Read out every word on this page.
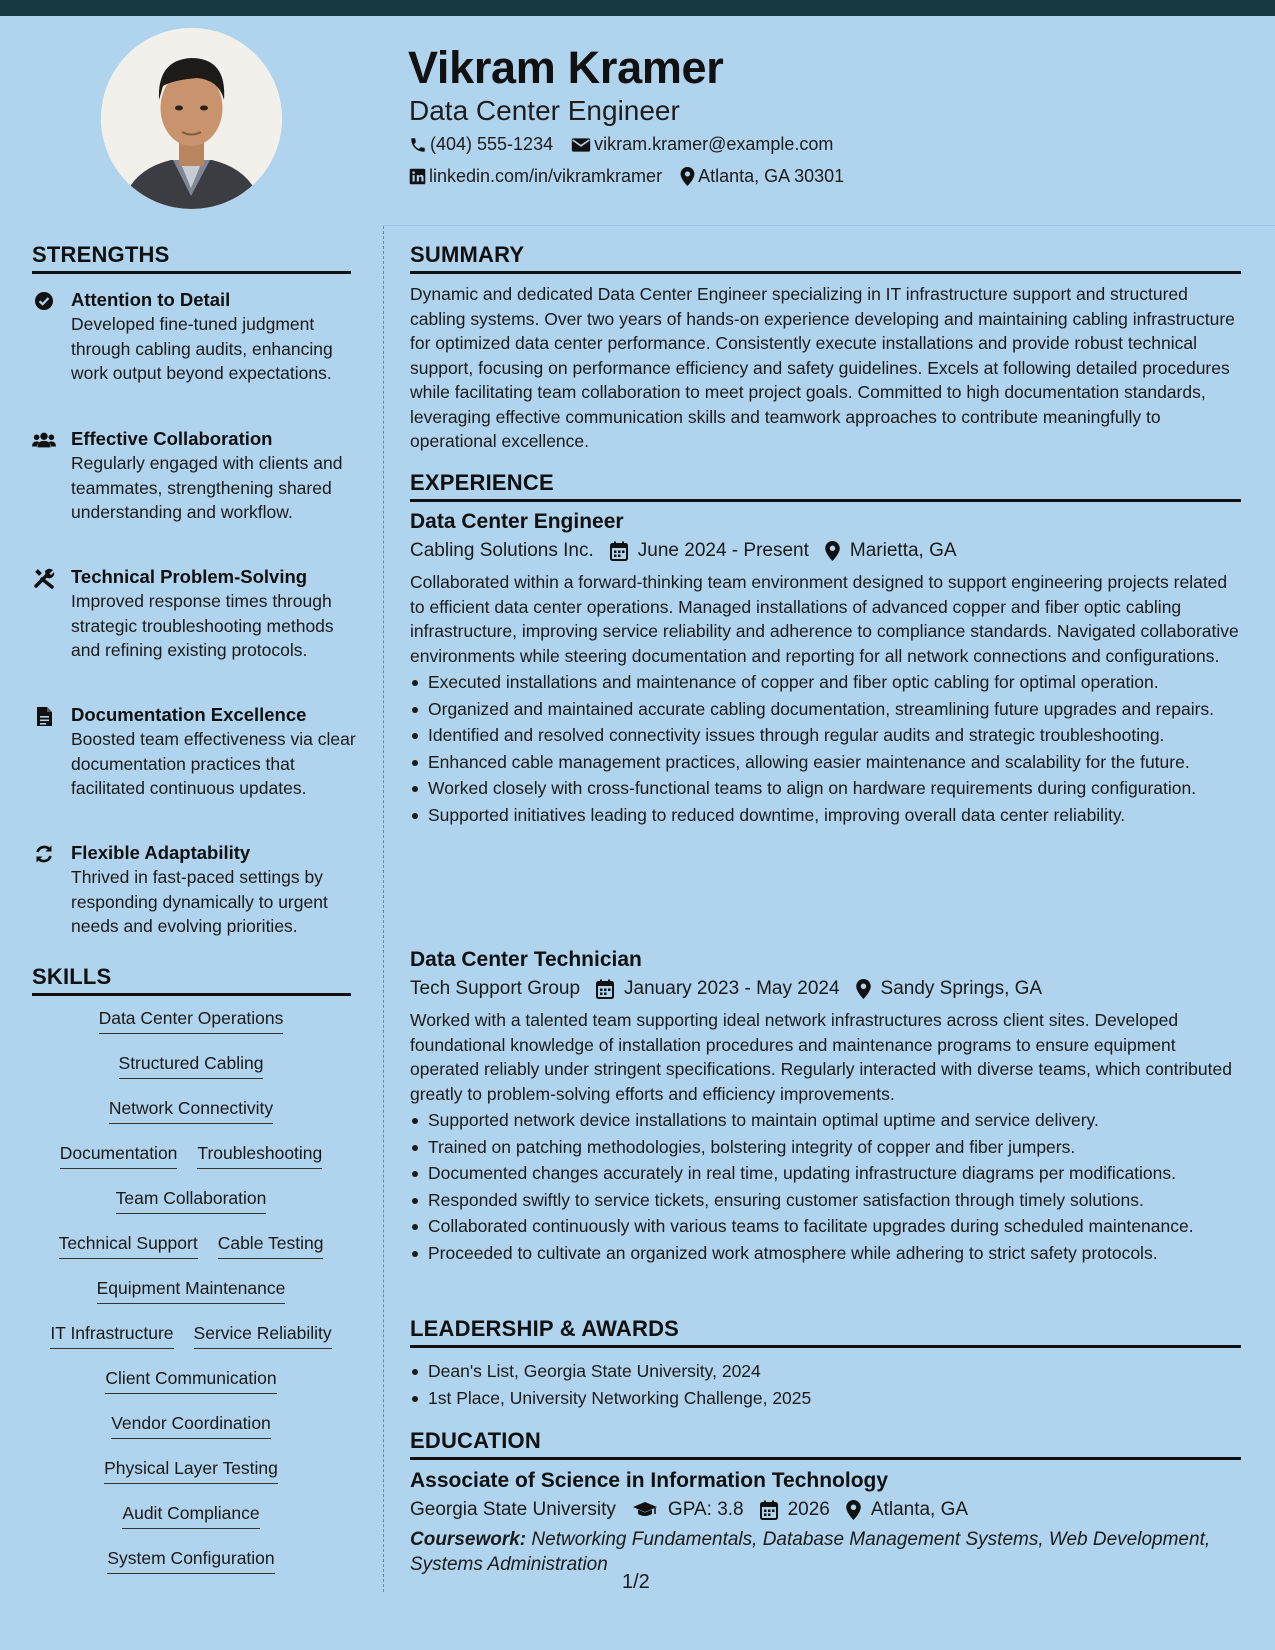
Vikram Kramer
Data Center Engineer
(404) 555-1234 vikram.kramer@example.com
linkedin.com/in/vikramkramer Atlanta, GA 30301
STRENGTHS
Attention to Detail
Developed fine-tuned judgment through cabling audits, enhancing work output beyond expectations.
Effective Collaboration
Regularly engaged with clients and teammates, strengthening shared understanding and workflow.
Technical Problem-Solving
Improved response times through strategic troubleshooting methods and refining existing protocols.
Documentation Excellence
Boosted team effectiveness via clear documentation practices that facilitated continuous updates.
Flexible Adaptability
Thrived in fast-paced settings by responding dynamically to urgent needs and evolving priorities.
SKILLS
Data Center Operations
Structured Cabling
Network Connectivity
Documentation Troubleshooting
Team Collaboration
Technical Support Cable Testing
Equipment Maintenance
IT Infrastructure Service Reliability
Client Communication
Vendor Coordination
Physical Layer Testing
Audit Compliance
System Configuration
SUMMARY
Dynamic and dedicated Data Center Engineer specializing in IT infrastructure support and structured cabling systems. Over two years of hands-on experience developing and maintaining cabling infrastructure for optimized data center performance. Consistently execute installations and provide robust technical support, focusing on performance efficiency and safety guidelines. Excels at following detailed procedures while facilitating team collaboration to meet project goals. Committed to high documentation standards, leveraging effective communication skills and teamwork approaches to contribute meaningfully to operational excellence.
EXPERIENCE
Data Center Engineer
Cabling Solutions Inc. June 2024 - Present Marietta, GA
Collaborated within a forward-thinking team environment designed to support engineering projects related to efficient data center operations. Managed installations of advanced copper and fiber optic cabling infrastructure, improving service reliability and adherence to compliance standards. Navigated collaborative environments while steering documentation and reporting for all network connections and configurations.
Executed installations and maintenance of copper and fiber optic cabling for optimal operation.
Organized and maintained accurate cabling documentation, streamlining future upgrades and repairs.
Identified and resolved connectivity issues through regular audits and strategic troubleshooting.
Enhanced cable management practices, allowing easier maintenance and scalability for the future.
Worked closely with cross-functional teams to align on hardware requirements during configuration.
Supported initiatives leading to reduced downtime, improving overall data center reliability.
Data Center Technician
Tech Support Group January 2023 - May 2024 Sandy Springs, GA
Worked with a talented team supporting ideal network infrastructures across client sites. Developed foundational knowledge of installation procedures and maintenance programs to ensure equipment operated reliably under stringent specifications. Regularly interacted with diverse teams, which contributed greatly to problem-solving efforts and efficiency improvements.
Supported network device installations to maintain optimal uptime and service delivery.
Trained on patching methodologies, bolstering integrity of copper and fiber jumpers.
Documented changes accurately in real time, updating infrastructure diagrams per modifications.
Responded swiftly to service tickets, ensuring customer satisfaction through timely solutions.
Collaborated continuously with various teams to facilitate upgrades during scheduled maintenance.
Proceeded to cultivate an organized work atmosphere while adhering to strict safety protocols.
LEADERSHIP & AWARDS
Dean's List, Georgia State University, 2024
1st Place, University Networking Challenge, 2025
EDUCATION
Associate of Science in Information Technology
Georgia State University	GPA: 3.8 2026 Atlanta, GA
Coursework: Networking Fundamentals, Database Management Systems, Web Development, Systems Administration
1/2
